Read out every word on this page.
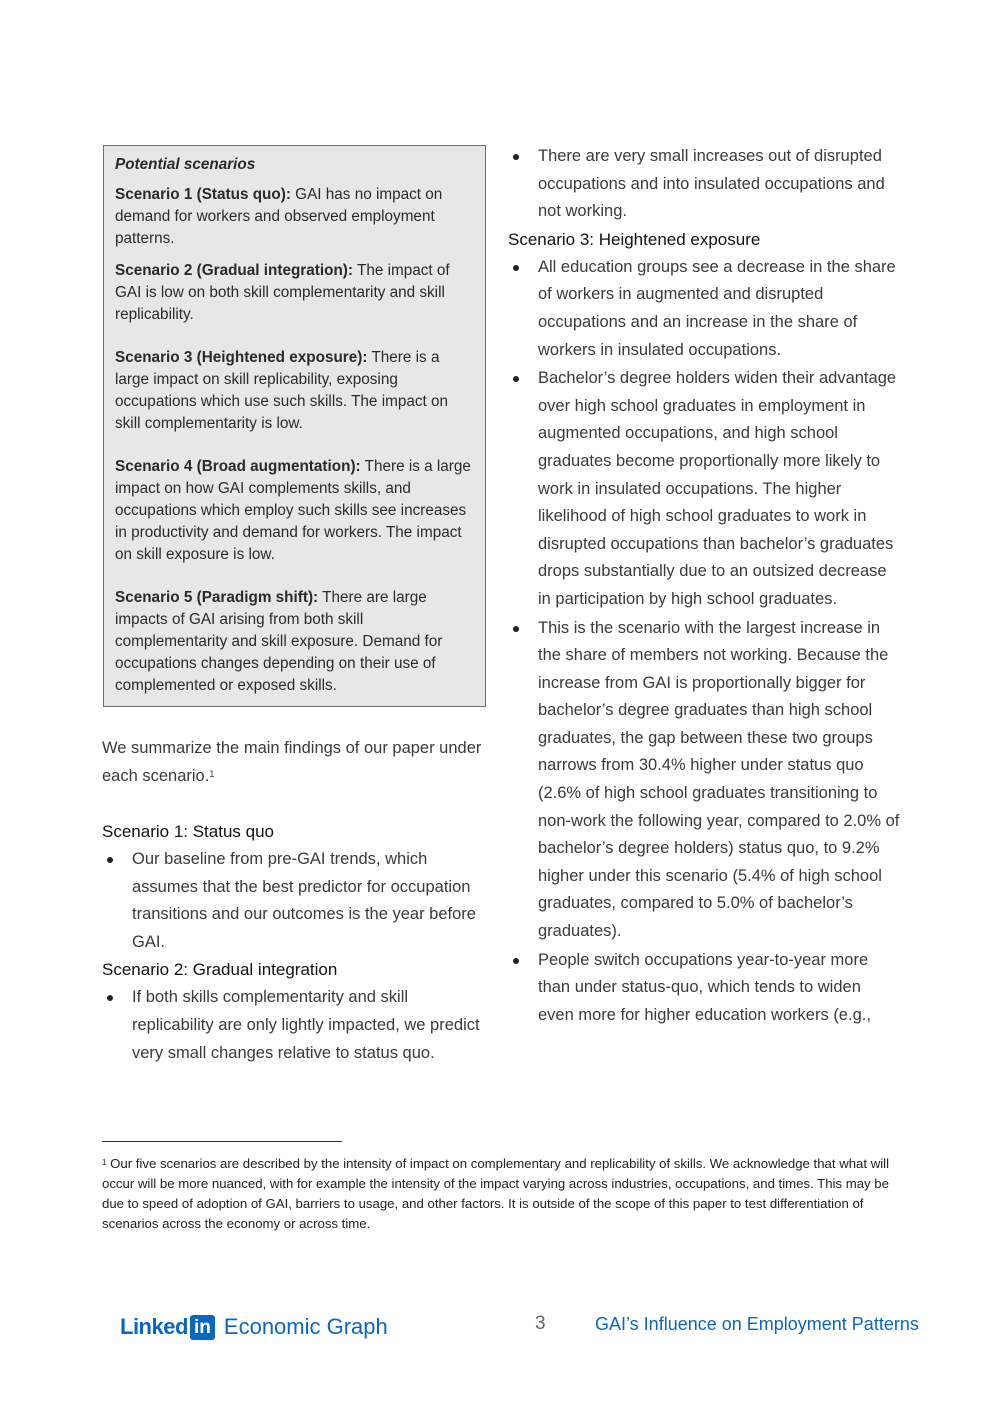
Potential scenarios

Scenario 1 (Status quo): GAI has no impact on demand for workers and observed employment patterns.

Scenario 2 (Gradual integration): The impact of GAI is low on both skill complementarity and skill replicability.

Scenario 3 (Heightened exposure): There is a large impact on skill replicability, exposing occupations which use such skills. The impact on skill complementarity is low.

Scenario 4 (Broad augmentation): There is a large impact on how GAI complements skills, and occupations which employ such skills see increases in productivity and demand for workers. The impact on skill exposure is low.

Scenario 5 (Paradigm shift): There are large impacts of GAI arising from both skill complementarity and skill exposure. Demand for occupations changes depending on their use of complemented or exposed skills.

We summarize the main findings of our paper under each scenario.$^1$

Scenario 1: Status quo
Our baseline from pre-GAI trends, which assumes that the best predictor for occupation transitions and our outcomes is the year before GAI.
Scenario 2: Gradual integration
If both skills complementarity and skill replicability are only lightly impacted, we predict very small changes relative to status quo.
There are very small increases out of disrupted occupations and into insulated occupations and not working.
Scenario 3: Heightened exposure
All education groups see a decrease in the share of workers in augmented and disrupted occupations and an increase in the share of workers in insulated occupations.
Bachelor’s degree holders widen their advantage over high school graduates in employment in augmented occupations, and high school graduates become proportionally more likely to work in insulated occupations. The higher likelihood of high school graduates to work in disrupted occupations than bachelor’s graduates drops substantially due to an outsized decrease in participation by high school graduates.
This is the scenario with the largest increase in the share of members not working. Because the increase from GAI is proportionally bigger for bachelor’s degree graduates than high school graduates, the gap between these two groups narrows from 30.4% higher under status quo (2.6% of high school graduates transitioning to non-work the following year, compared to 2.0% of bachelor’s degree holders) status quo, to 9.2% higher under this scenario (5.4% of high school graduates, compared to 5.0% of bachelor’s graduates).
People switch occupations year-to-year more than under status-quo, which tends to widen even more for higher education workers (e.g.,
$^1$ Our five scenarios are described by the intensity of impact on complementary and replicability of skills. We acknowledge that what will occur will be more nuanced, with for example the intensity of the impact varying across industries, occupations, and times. This may be due to speed of adoption of GAI, barriers to usage, and other factors. It is outside of the scope of this paper to test differentiation of scenarios across the economy or across time.
Linked in Economic Graph	3	GAI’s Influence on Employment Patterns
